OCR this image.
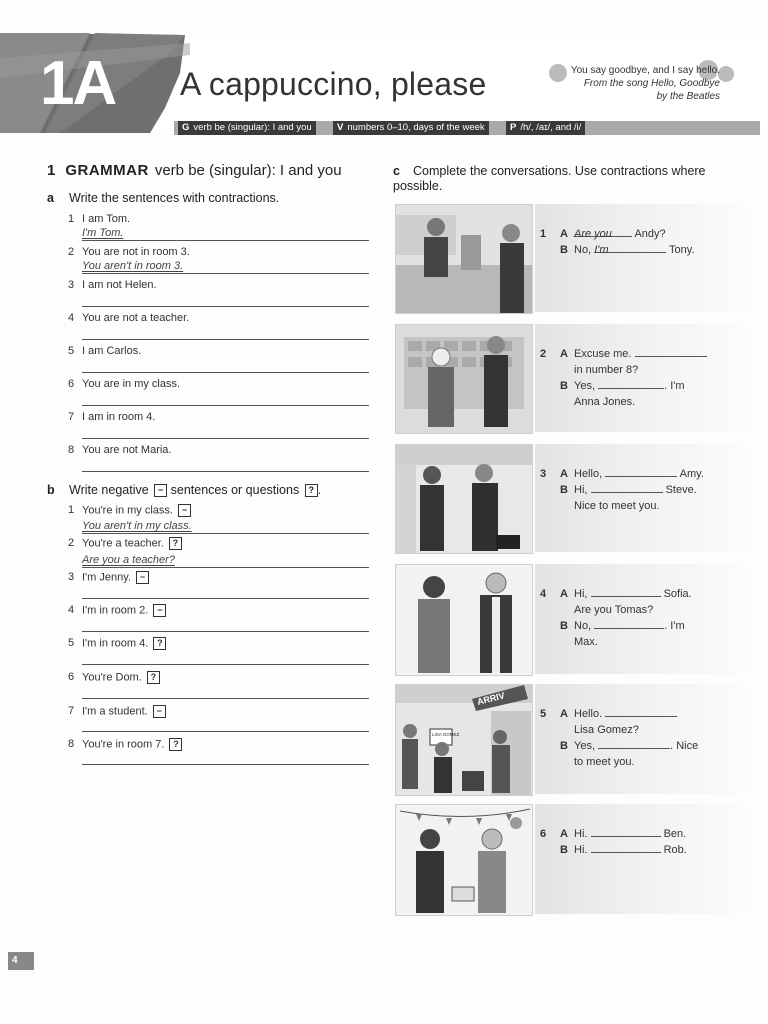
1A A cappuccino, please	You say goodbye, and I say hello.
From the song Hello, Goodbye
by the Beatles
G verb be (singular): I and you	V numbers 0–10, days of the week	P /h/, /aɪ/, and /i/
1 GRAMMAR verb be (singular): I and you
a Write the sentences with contractions.
1 I am Tom.
I'm Tom.
2 You are not in room 3.
You aren't in room 3.
3 I am not Helen.
4 You are not a teacher.
5 I am Carlos.
6 You are in my class.
7 I am in room 4.
8 You are not Maria.
b Write negative − sentences or questions ? .
1 You're in my class. −
You aren't in my class.
2 You're a teacher. ?
Are you a teacher?
3 I'm Jenny. −
4 I'm in room 2. −
5 I'm in room 4. ?
6 You're Dom. ?
7 I'm a student. −
8 You're in room 7. ?
c Complete the conversations. Use contractions where possible.
1 A Are you Andy?
B No, I'm	Tony.
2 A Excuse me.
in number 8?
B Yes,	. I'm
Anna Jones.
3 A Hello,	Amy.
B Hi,	Steve.
Nice to meet you.
4 A Hi,	Sofia.
Are you Tomas?
B No,	. I'm
Max.
ARRIV
LISA GOMEZ
5 A Hello.
Lisa Gomez?
B Yes,	. Nice
to meet you.
6 A Hi.	Ben.
B Hi.	Rob.
4
